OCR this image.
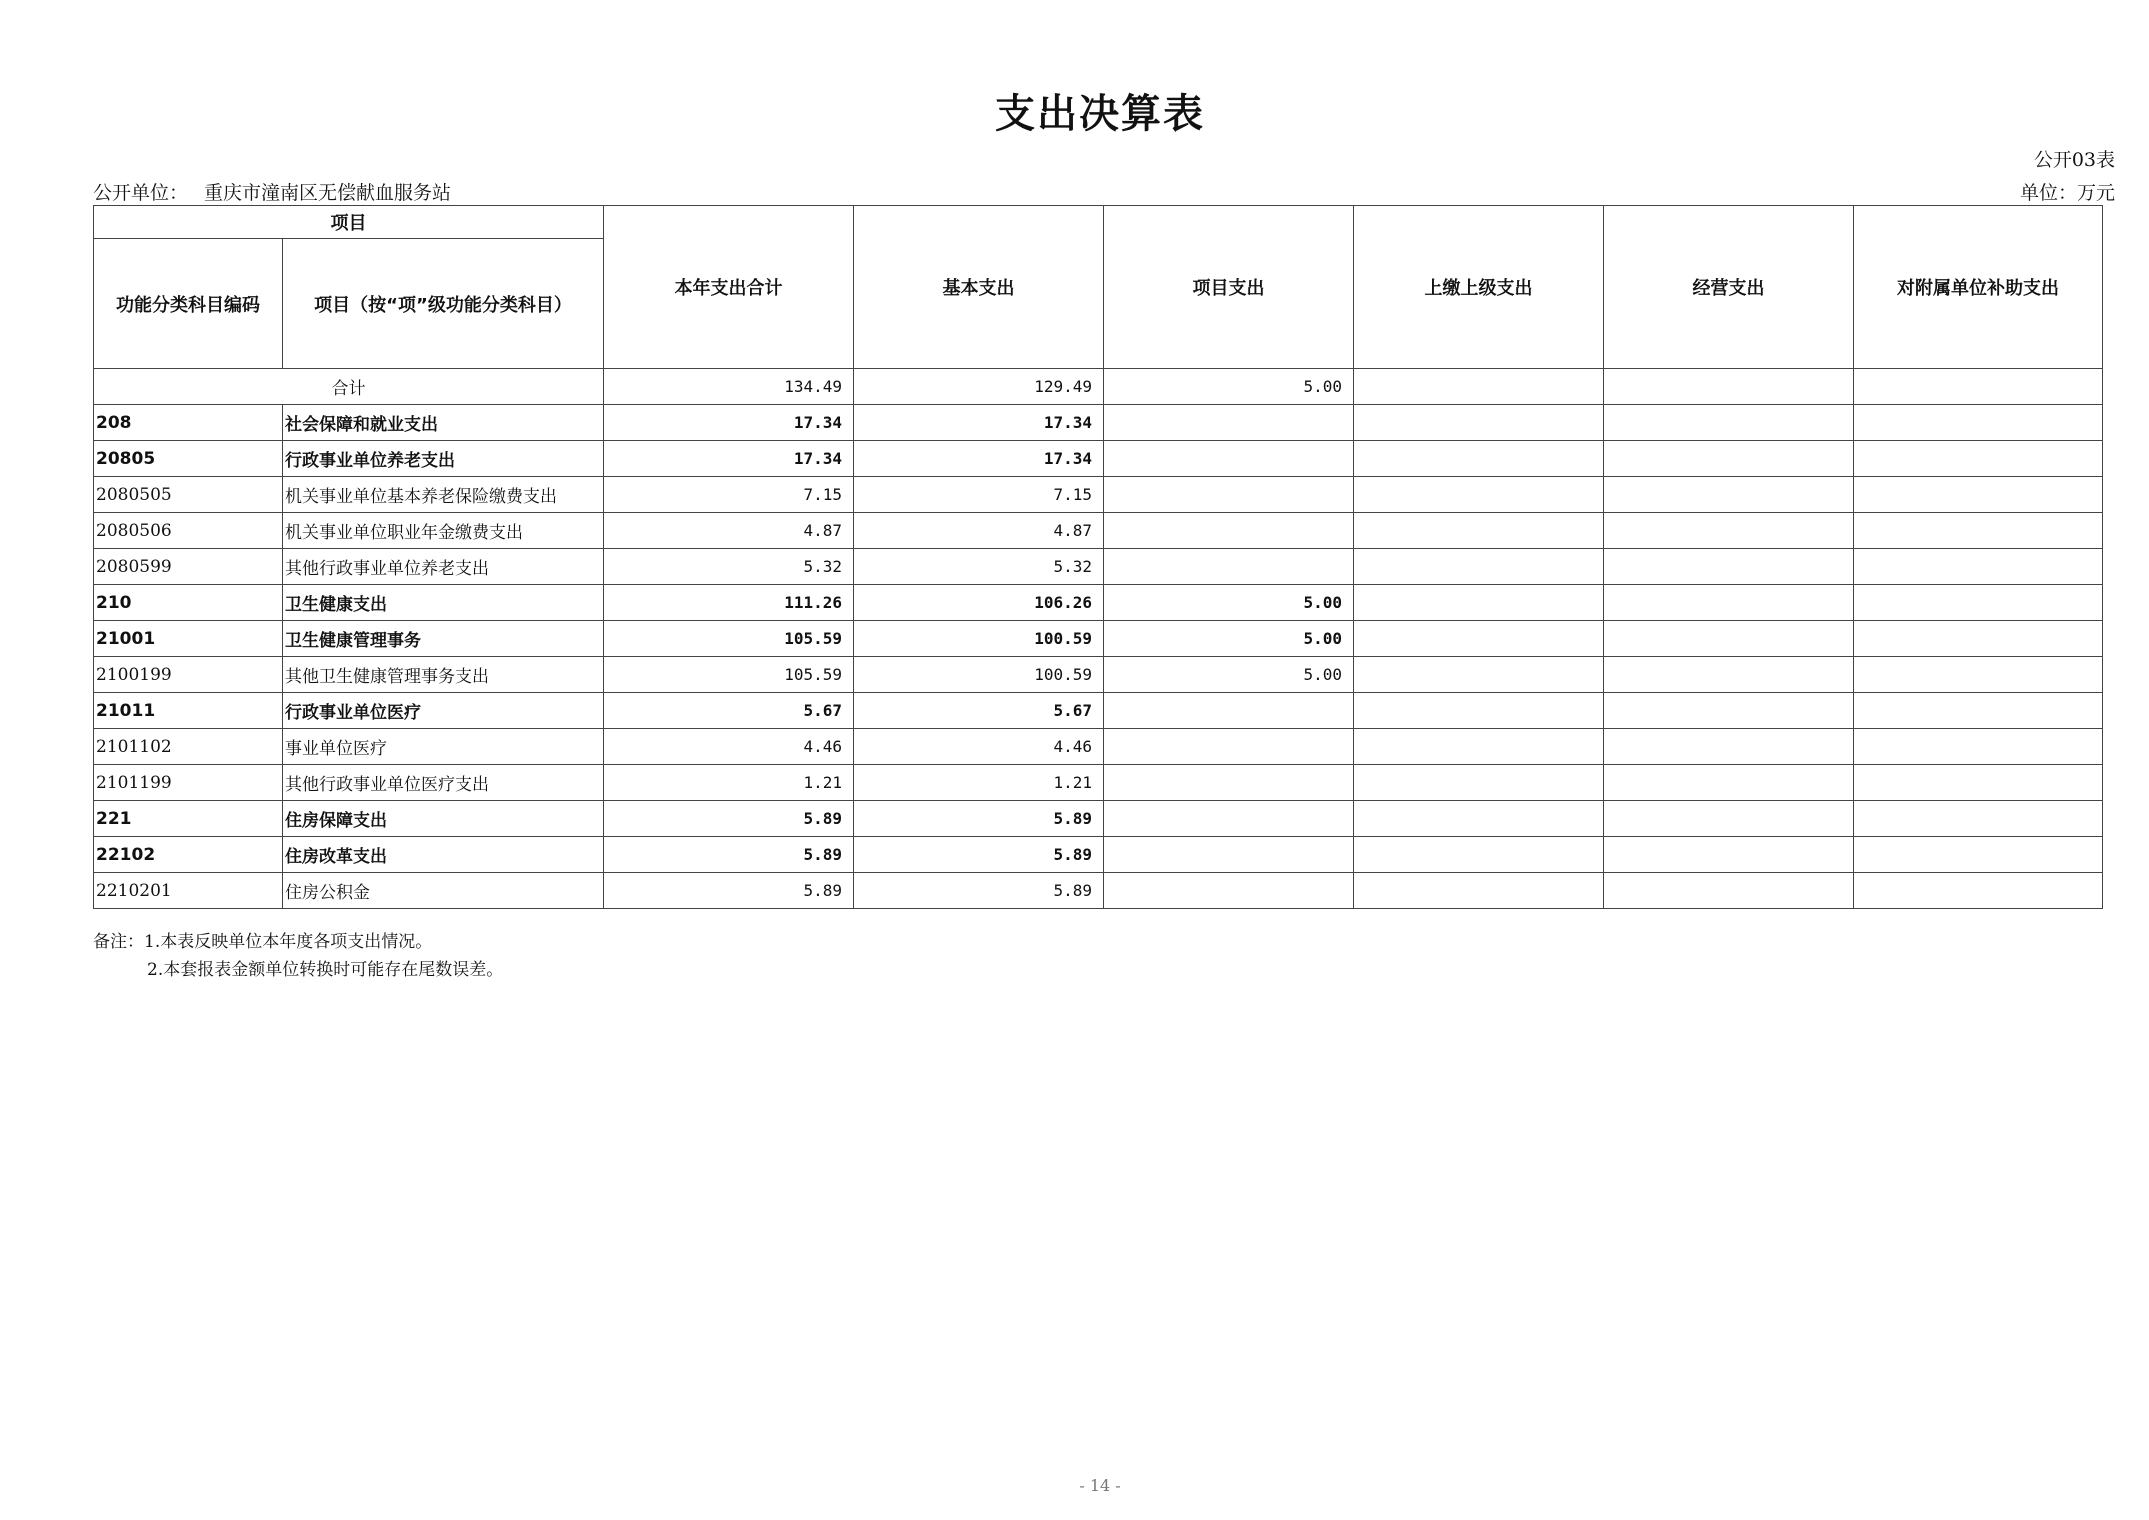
支出决算表
公开03表
公开单位： 重庆市潼南区无偿献血服务站	单位：万元
项目		本年支出合计	基本支出	项目支出	上缴上级支出	经营支出	对附属单位补助支出
功能分类科目编码	项目（按“项”级功能分类科目）						
合计		134.49	129.49	5.00			
208	社会保障和就业支出	17.34	17.34				
20805	行政事业单位养老支出	17.34	17.34				
2080505	机关事业单位基本养老保险缴费支出	7.15	7.15				
2080506	机关事业单位职业年金缴费支出	4.87	4.87				
2080599	其他行政事业单位养老支出	5.32	5.32				
210	卫生健康支出	111.26	106.26	5.00			
21001	卫生健康管理事务	105.59	100.59	5.00			
2100199	其他卫生健康管理事务支出	105.59	100.59	5.00			
21011	行政事业单位医疗	5.67	5.67				
2101102	事业单位医疗	4.46	4.46				
2101199	其他行政事业单位医疗支出	1.21	1.21				
221	住房保障支出	5.89	5.89				
22102	住房改革支出	5.89	5.89				
2210201	住房公积金	5.89	5.89				
备注：1.本表反映单位本年度各项支出情况。
2.本套报表金额单位转换时可能存在尾数误差。
- 14 -
